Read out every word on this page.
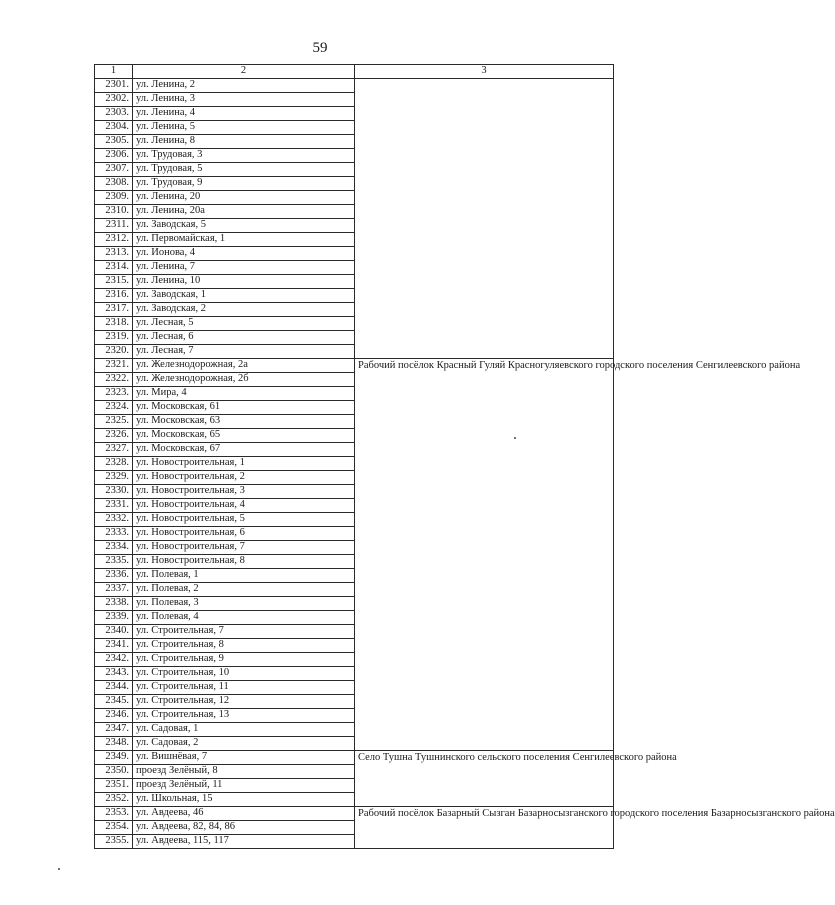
59
1	2	3
2301.	ул. Ленина, 2	
2302.	ул. Ленина, 3	
2303.	ул. Ленина, 4	
2304.	ул. Ленина, 5	
2305.	ул. Ленина, 8	
2306.	ул. Трудовая, 3	
2307.	ул. Трудовая, 5	
2308.	ул. Трудовая, 9	
2309.	ул. Ленина, 20	
2310.	ул. Ленина, 20а	
2311.	ул. Заводская, 5	
2312.	ул. Первомайская, 1	
2313.	ул. Ионова, 4	
2314.	ул. Ленина, 7	
2315.	ул. Ленина, 10	
2316.	ул. Заводская, 1	
2317.	ул. Заводская, 2	
2318.	ул. Лесная, 5	
2319.	ул. Лесная, 6	
2320.	ул. Лесная, 7	
2321.	ул. Железнодорожная, 2а	Рабочий посёлок Красный Гуляй Красногуляевского городского поселения Сенгилеевского района
2322.	ул. Железнодорожная, 2б	
2323.	ул. Мира, 4	
2324.	ул. Московская, 61	
2325.	ул. Московская, 63	
2326.	ул. Московская, 65	
2327.	ул. Московская, 67	
2328.	ул. Новостроительная, 1	
2329.	ул. Новостроительная, 2	
2330.	ул. Новостроительная, 3	
2331.	ул. Новостроительная, 4	
2332.	ул. Новостроительная, 5	
2333.	ул. Новостроительная, 6	
2334.	ул. Новостроительная, 7	
2335.	ул. Новостроительная, 8	
2336.	ул. Полевая, 1	
2337.	ул. Полевая, 2	
2338.	ул. Полевая, 3	
2339.	ул. Полевая, 4	
2340.	ул. Строительная, 7	
2341.	ул. Строительная, 8	
2342.	ул. Строительная, 9	
2343.	ул. Строительная, 10	
2344.	ул. Строительная, 11	
2345.	ул. Строительная, 12	
2346.	ул. Строительная, 13	
2347.	ул. Садовая, 1	
2348.	ул. Садовая, 2	
2349.	ул. Вишнёвая, 7	Село Тушна Тушнинского сельского поселения Сенгилеевского района
2350.	проезд Зелёный, 8	
2351.	проезд Зелёный, 11	
2352.	ул. Школьная, 15	
2353.	ул. Авдеева, 46	Рабочий посёлок Базарный Сызган Базарносызганского городского поселения Базарносызганского района
2354.	ул. Авдеева, 82, 84, 86	
2355.	ул. Авдеева, 115, 117	
